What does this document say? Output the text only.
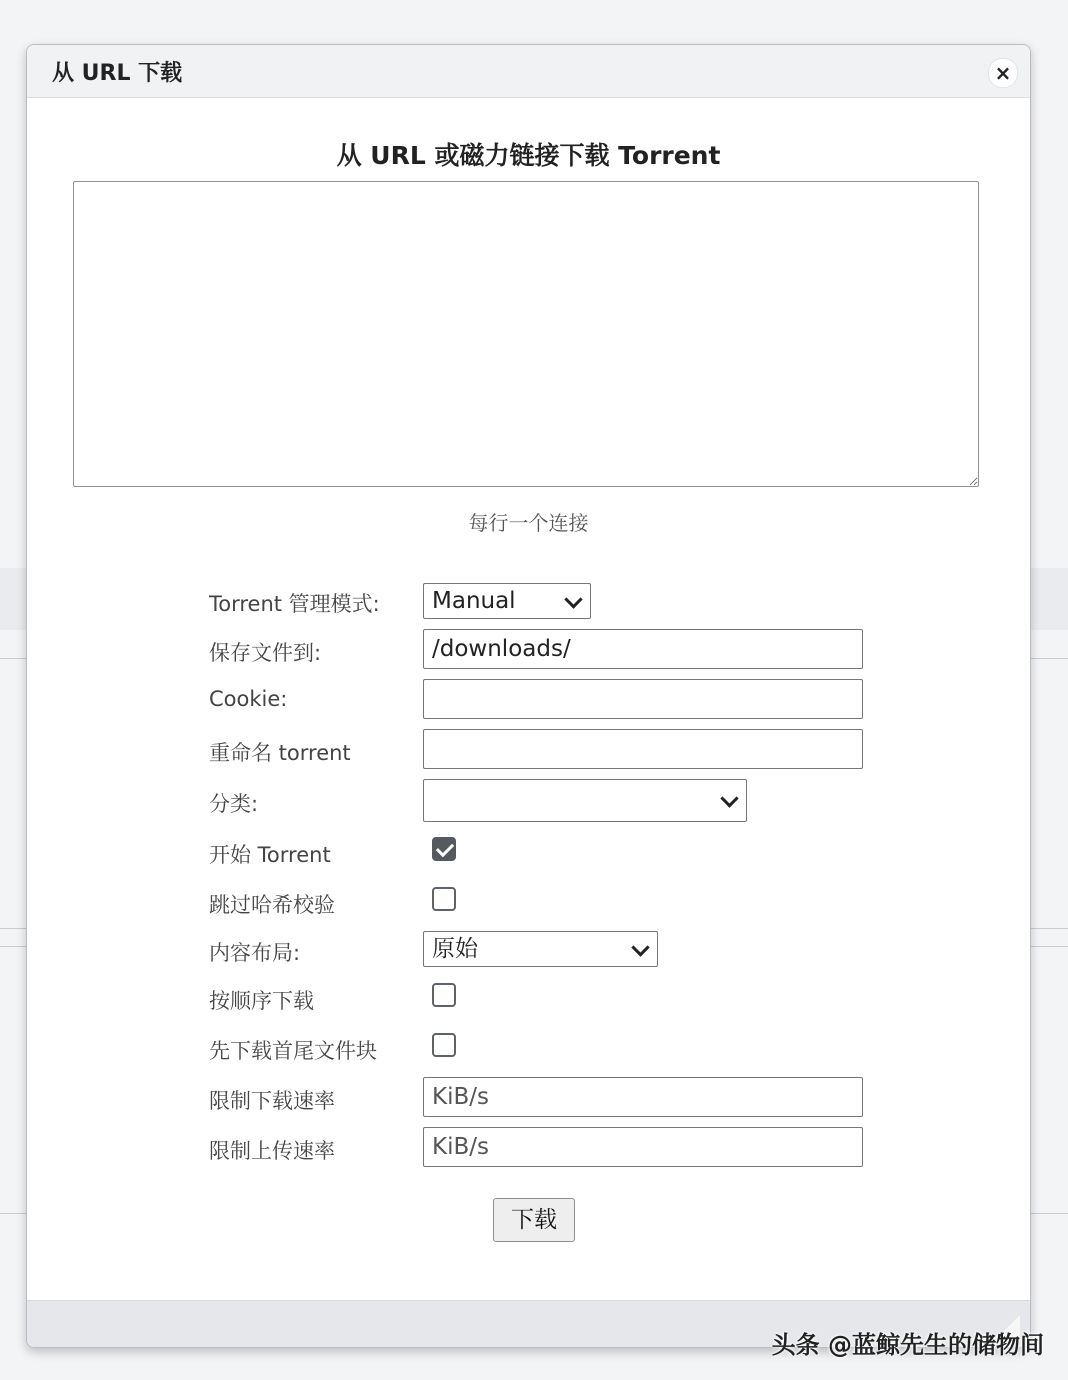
从 URL 下载	×
从 URL 或磁力链接下载 Torrent
每行一个连接
Torrent 管理模式:	Manual
保存文件到:	/downloads/
Cookie:
重命名 torrent
分类:
开始 Torrent
跳过哈希校验
内容布局:	原始
按顺序下载
先下载首尾文件块
限制下载速率	KiB/s
限制上传速率	KiB/s
下载
头条 @蓝鲸先生的储物间
